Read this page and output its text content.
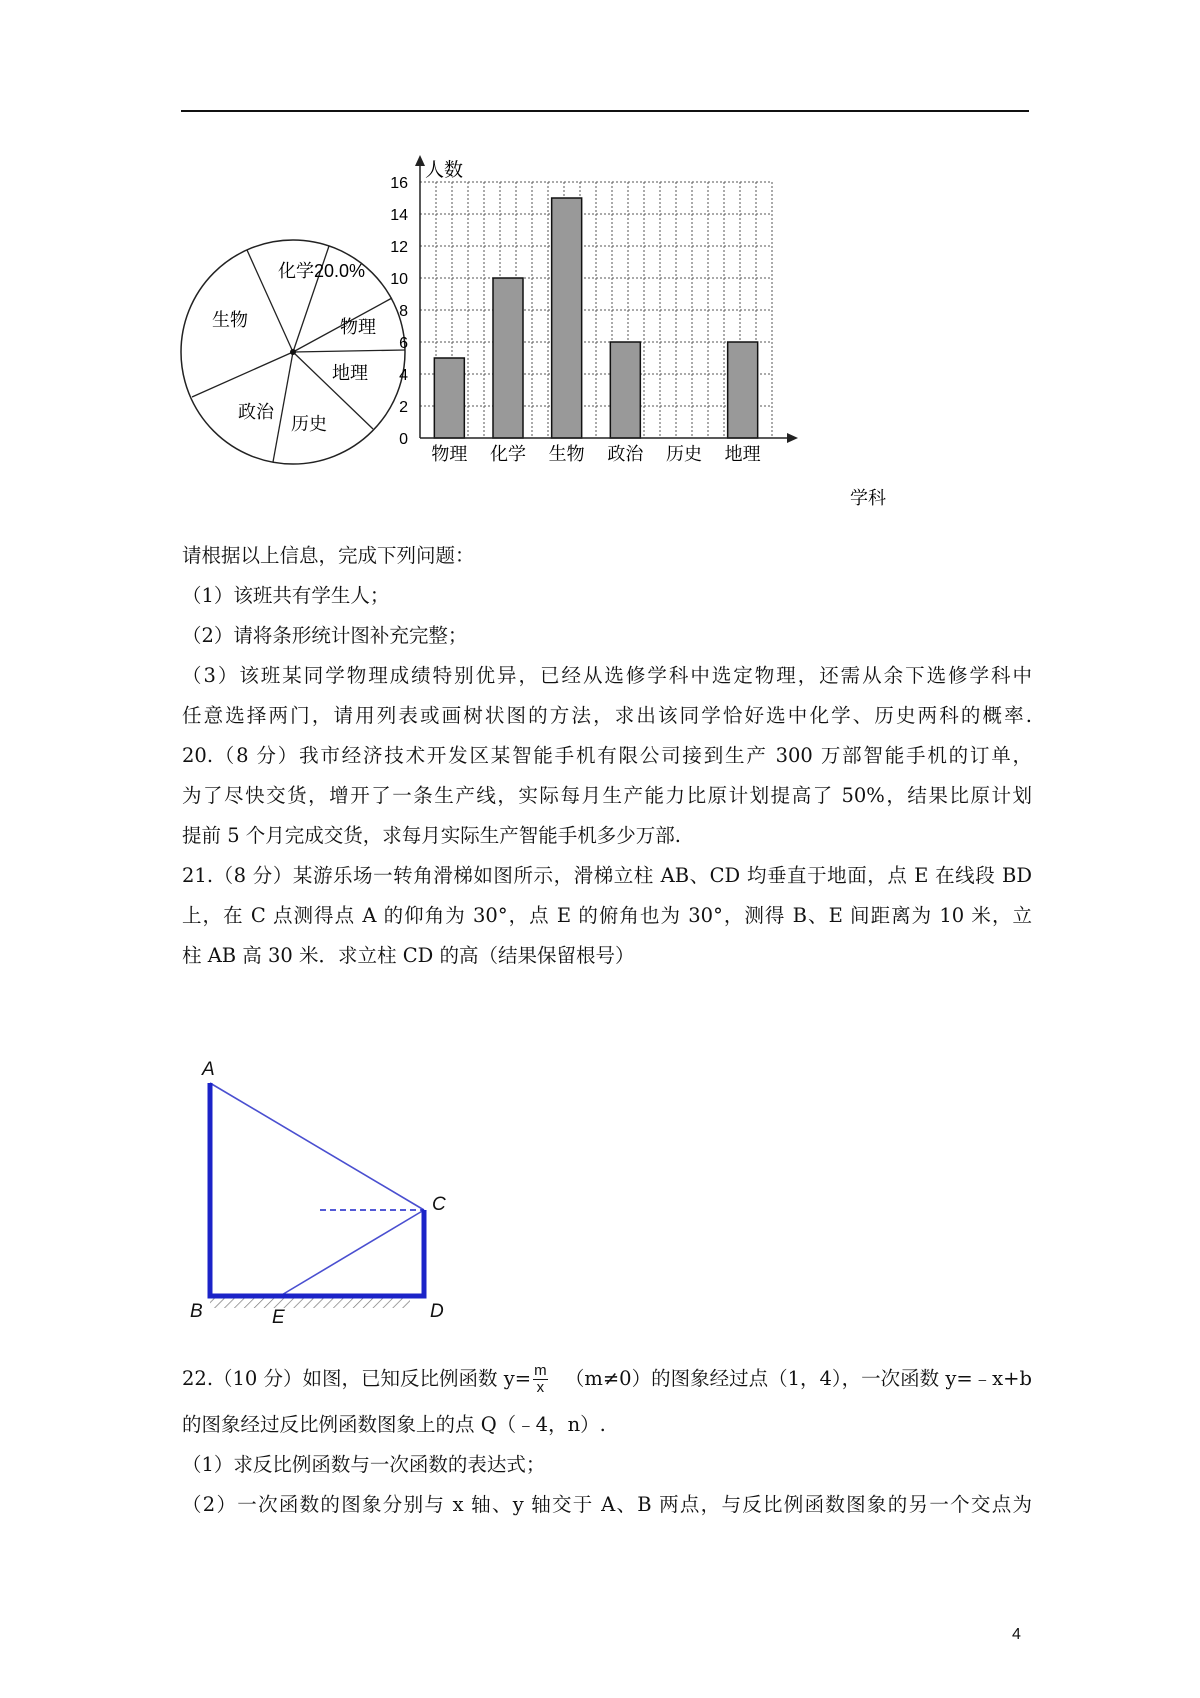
化学20.0%
物理
地理
历史
政治
生物
0
2
4
6
8
10
12
14
16
物理 化学 生物 政治 历史 地理
人数
学科
请根据以上信息，完成下列问题：
（1）该班共有学生人；
（2）请将条形统计图补充完整；
（3）该班某同学物理成绩特别优异，已经从选修学科中选定物理，还需从余下选修学科中
任意选择两门，请用列表或画树状图的方法，求出该同学恰好选中化学、历史两科的概率.
20.（8 分）我市经济技术开发区某智能手机有限公司接到生产 300 万部智能手机的订单，
为了尽快交货，增开了一条生产线，实际每月生产能力比原计划提高了 50%，结果比原计划
提前 5 个月完成交货，求每月实际生产智能手机多少万部.
21.（8 分）某游乐场一转角滑梯如图所示，滑梯立柱 AB、CD 均垂直于地面，点 E 在线段 BD
上，在 C 点测得点 A 的仰角为 30°，点 E 的俯角也为 30°，测得 B、E 间距离为 10 米，立
柱 AB 高 30 米．求立柱 CD 的高（结果保留根号）
A
C
B	E	D
22.（10 分）如图，已知反比例函数 $y= \frac{m}{x} (m\ne 0)$的图象经过点（1，4），一次函数 y=﹣x+b
的图象经过反比例函数图象上的点 Q（﹣4，n）.
（1）求反比例函数与一次函数的表达式；
（2）一次函数的图象分别与 x 轴、y 轴交于 A、B 两点，与反比例函数图象的另一个交点为
4
